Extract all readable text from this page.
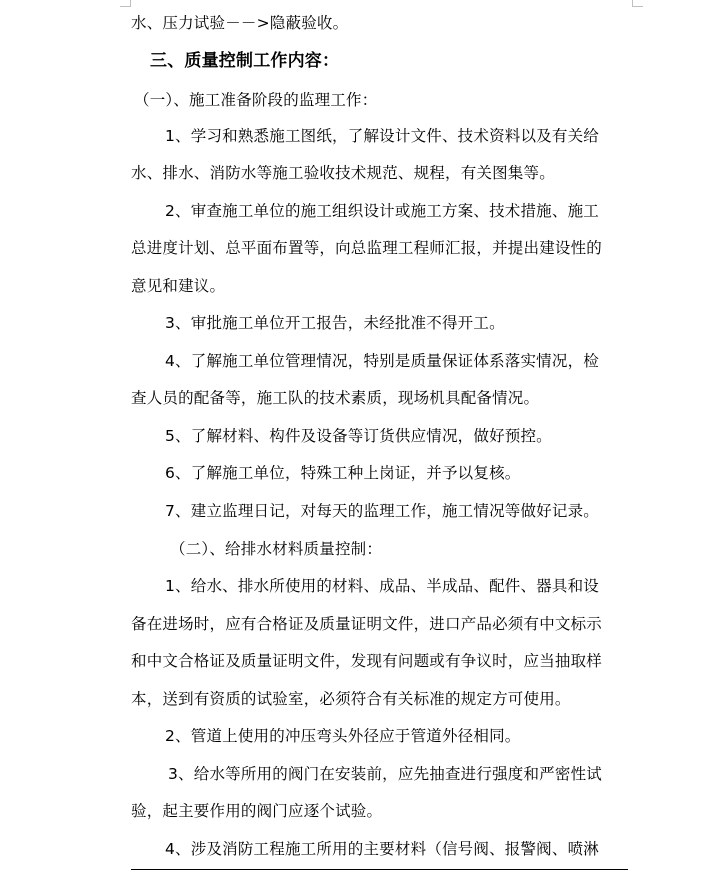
水、压力试验－－>隐蔽验收。
三、质量控制工作内容：
（一）、施工准备阶段的监理工作：
1、学习和熟悉施工图纸，了解设计文件、技术资料以及有关给
水、排水、消防水等施工验收技术规范、规程，有关图集等。
2、审查施工单位的施工组织设计或施工方案、技术措施、施工
总进度计划、总平面布置等，向总监理工程师汇报，并提出建设性的
意见和建议。
3、审批施工单位开工报告，未经批准不得开工。
4、了解施工单位管理情况，特别是质量保证体系落实情况，检
查人员的配备等，施工队的技术素质，现场机具配备情况。
5、了解材料、构件及设备等订货供应情况，做好预控。
6、了解施工单位，特殊工种上岗证，并予以复核。
7、建立监理日记，对每天的监理工作，施工情况等做好记录。
（二）、给排水材料质量控制：
1、给水、排水所使用的材料、成品、半成品、配件、器具和设
备在进场时，应有合格证及质量证明文件，进口产品必须有中文标示
和中文合格证及质量证明文件，发现有问题或有争议时，应当抽取样
本，送到有资质的试验室，必须符合有关标准的规定方可使用。
2、管道上使用的冲压弯头外径应于管道外径相同。
3、给水等所用的阀门在安装前，应先抽查进行强度和严密性试
验，起主要作用的阀门应逐个试验。
4、涉及消防工程施工所用的主要材料（信号阀、报警阀、喷淋
